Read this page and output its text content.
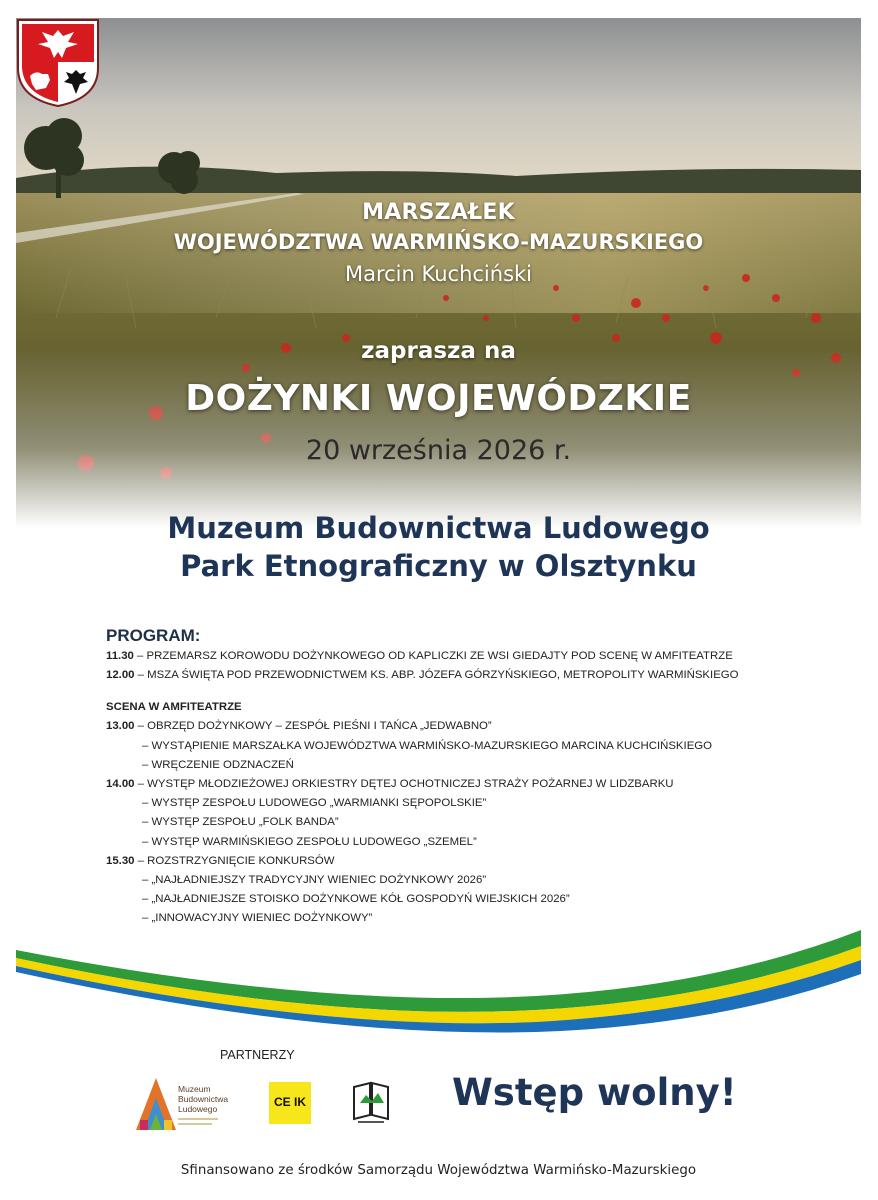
MARSZAŁEK
WOJEWÓDZTWA WARMIŃSKO-MAZURSKIEGO
Marcin Kuchciński
zaprasza na
DOŻYNKI WOJEWÓDZKIE
20 września 2026 r.
Muzeum Budownictwa Ludowego
Park Etnograficzny w Olsztynku
PROGRAM:
11.30 – PRZEMARSZ KOROWODU DOŻYNKOWEGO OD KAPLICZKI ZE WSI GIEDAJTY POD SCENĘ W AMFITEATRZE
12.00 – MSZA ŚWIĘTA POD PRZEWODNICTWEM KS. ABP. JÓZEFA GÓRZYŃSKIEGO, METROPOLITY WARMIŃSKIEGO
SCENA W AMFITEATRZE
13.00 – OBRZĘD DOŻYNKOWY – ZESPÓŁ PIEŚNI I TAŃCA „JEDWABNO”
– WYSTĄPIENIE MARSZAŁKA WOJEWÓDZTWA WARMIŃSKO-MAZURSKIEGO MARCINA KUCHCIŃSKIEGO
– WRĘCZENIE ODZNACZEŃ
14.00 – WYSTĘP MŁODZIEŻOWEJ ORKIESTRY DĘTEJ OCHOTNICZEJ STRAŻY POŻARNEJ W LIDZBARKU
– WYSTĘP ZESPOŁU LUDOWEGO „WARMIANKI SĘPOPOLSKIE”
– WYSTĘP ZESPOŁU „FOLK BANDA”
– WYSTĘP WARMIŃSKIEGO ZESPOŁU LUDOWEGO „SZEMEL”
15.30 – ROZSTRZYGNIĘCIE KONKURSÓW
– „NAJŁADNIEJSZY TRADYCYJNY WIENIEC DOŻYNKOWY 2026”
– „NAJŁADNIEJSZE STOISKO DOŻYNKOWE KÓŁ GOSPODYŃ WIEJSKICH 2026”
– „INNOWACYJNY WIENIEC DOŻYNKOWY”
PARTNERZY
Muzeum
Budownictwa
Ludowego	CE IK	Wstęp wolny!
Sfinansowano ze środków Samorządu Województwa Warmińsko-Mazurskiego
